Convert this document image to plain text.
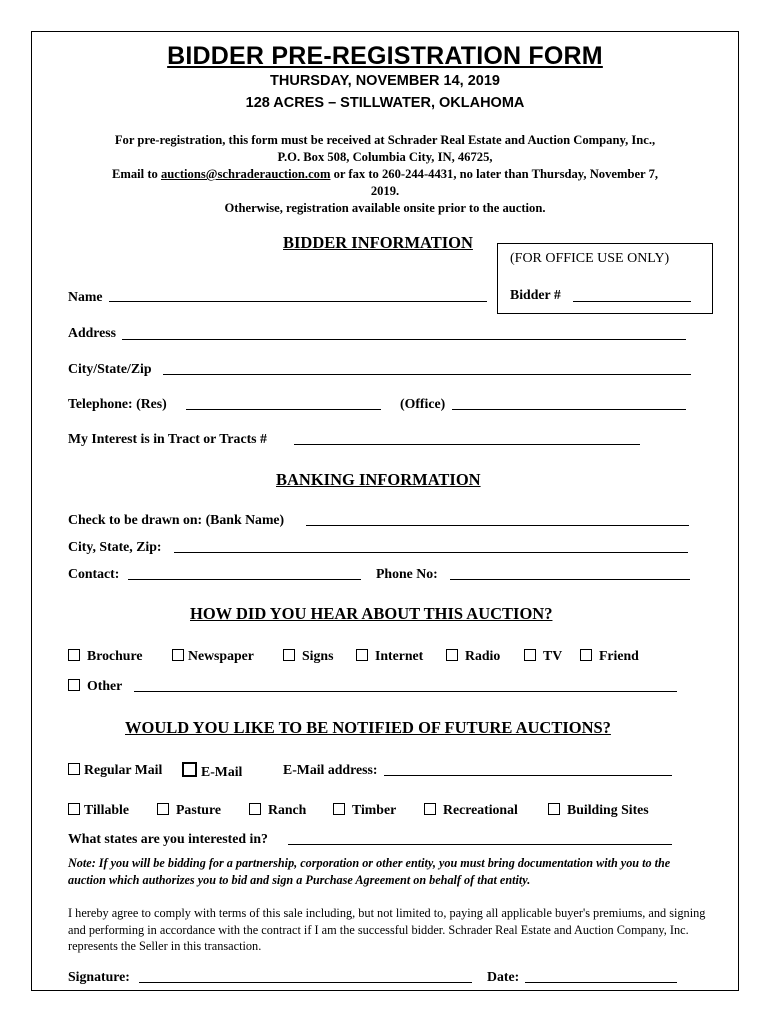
BIDDER PRE-REGISTRATION FORM
THURSDAY, NOVEMBER 14, 2019
128 ACRES – STILLWATER, OKLAHOMA
For pre-registration, this form must be received at Schrader Real Estate and Auction Company, Inc.,
P.O. Box 508, Columbia City, IN, 46725,
Email to auctions@schraderauction.com or fax to 260-244-4431, no later than Thursday, November 7,
2019.
Otherwise, registration available onsite prior to the auction.
BIDDER INFORMATION
(FOR OFFICE USE ONLY)
Bidder #
Name
Address
City/State/Zip
Telephone: (Res)	(Office)
My Interest is in Tract or Tracts #
BANKING INFORMATION
Check to be drawn on: (Bank Name)
City, State, Zip:
Contact:	Phone No:
HOW DID YOU HEAR ABOUT THIS AUCTION?
Brochure	Newspaper	Signs	Internet	Radio	TV	Friend
Other
WOULD YOU LIKE TO BE NOTIFIED OF FUTURE AUCTIONS?
Regular Mail	E-Mail	E-Mail address:
Tillable	Pasture	Ranch	Timber	Recreational	Building Sites
What states are you interested in?
Note: If you will be bidding for a partnership, corporation or other entity, you must bring documentation with you to the auction which authorizes you to bid and sign a Purchase Agreement on behalf of that entity.
I hereby agree to comply with terms of this sale including, but not limited to, paying all applicable buyer's premiums, and signing and performing in accordance with the contract if I am the successful bidder. Schrader Real Estate and Auction Company, Inc. represents the Seller in this transaction.
Signature:	Date:
